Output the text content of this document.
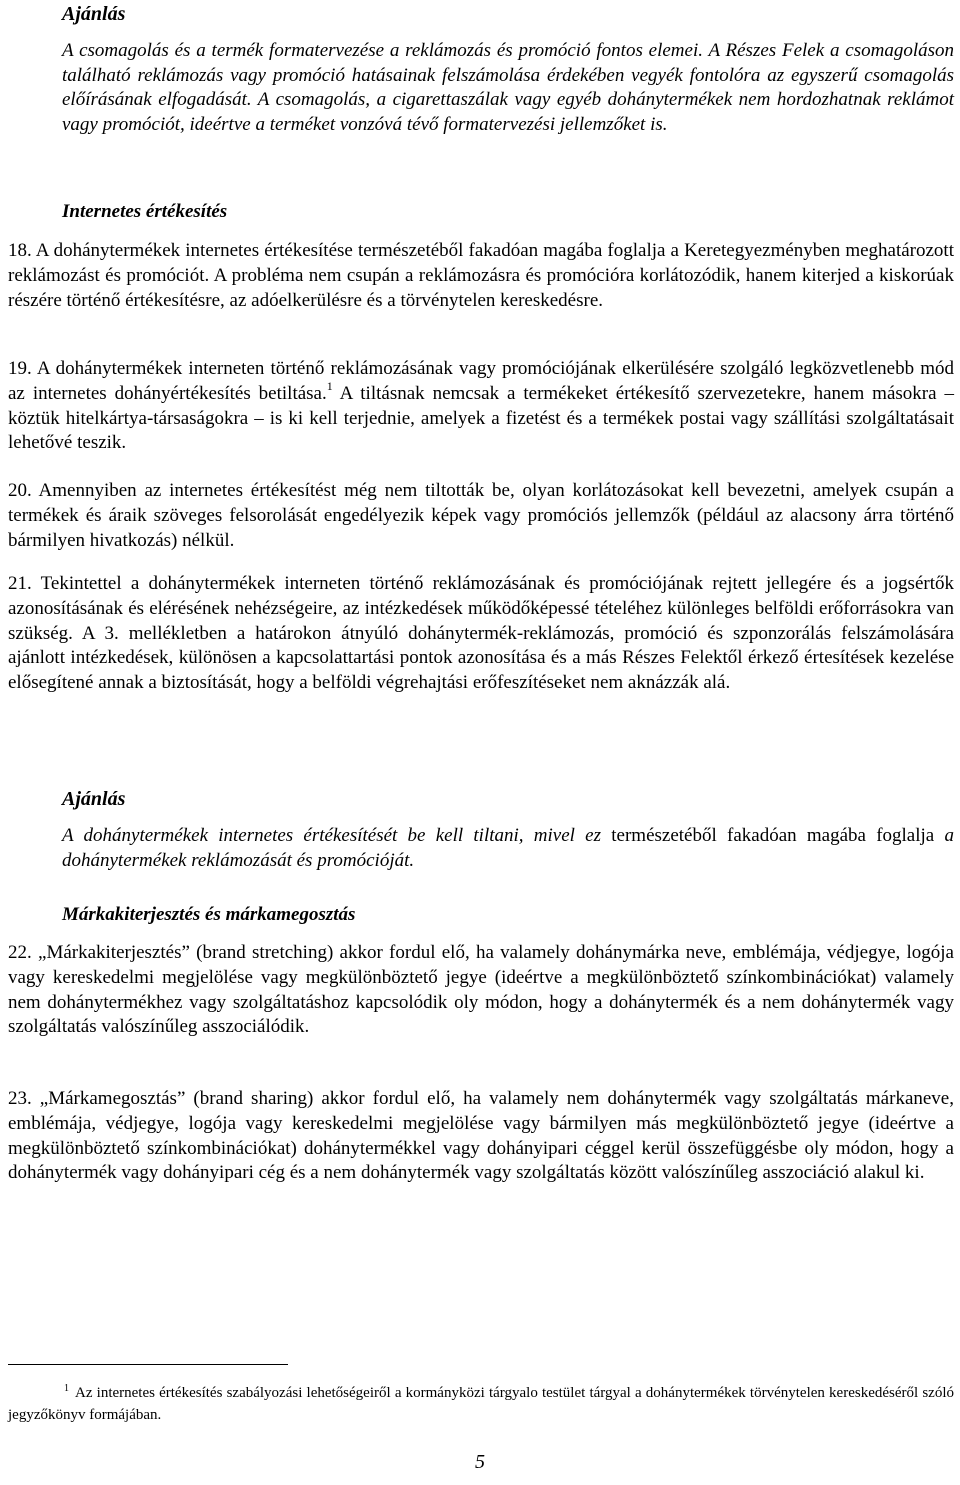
Ajánlás

A csomagolás és a termék formatervezése a reklámozás és promóció fontos elemei. A Részes Felek a csomagoláson található reklámozás vagy promóció hatásainak felszámolása érdekében vegyék fontolóra az egyszerű csomagolás előírásának elfogadását. A csomagolás, a cigarettaszálak vagy egyéb dohánytermékek nem hordozhatnak reklámot vagy promóciót, ideértve a terméket vonzóvá tévő formatervezési jellemzőket is.

Internetes értékesítés

18. A dohánytermékek internetes értékesítése természetéből fakadóan magába foglalja a Keretegyezményben meghatározott reklámozást és promóciót. A probléma nem csupán a reklámozásra és promócióra korlátozódik, hanem kiterjed a kiskorúak részére történő értékesítésre, az adóelkerülésre és a törvénytelen kereskedésre.

19. A dohánytermékek interneten történő reklámozásának vagy promóciójának elkerülésére szolgáló legközvetlenebb mód az internetes dohányértékesítés betiltása.$^1$ A tiltásnak nemcsak a termékeket értékesítő szervezetekre, hanem másokra – köztük hitelkártya-társaságokra – is ki kell terjednie, amelyek a fizetést és a termékek postai vagy szállítási szolgáltatásait lehetővé teszik.

20. Amennyiben az internetes értékesítést még nem tiltották be, olyan korlátozásokat kell bevezetni, amelyek csupán a termékek és áraik szöveges felsorolását engedélyezik képek vagy promóciós jellemzők (például az alacsony árra történő bármilyen hivatkozás) nélkül.

21. Tekintettel a dohánytermékek interneten történő reklámozásának és promóciójának rejtett jellegére és a jogsértők azonosításának és elérésének nehézségeire, az intézkedések működőképessé tételéhez különleges belföldi erőforrásokra van szükség. A 3. mellékletben a határokon átnyúló dohánytermék-reklámozás, promóció és szponzorálás felszámolására ajánlott intézkedések, különösen a kapcsolattartási pontok azonosítása és a más Részes Felektől érkező értesítések kezelése elősegítené annak a biztosítását, hogy a belföldi végrehajtási erőfeszítéseket nem aknázzák alá.

Ajánlás

A dohánytermékek internetes értékesítését be kell tiltani, mivel ez természetéből fakadóan magába foglalja a dohánytermékek reklámozását és promócióját.

Márkakiterjesztés és márkamegosztás

22. „Márkakiterjesztés” (brand stretching) akkor fordul elő, ha valamely dohánymárka neve, emblémája, védjegye, logója vagy kereskedelmi megjelölése vagy megkülönböztető jegye (ideértve a megkülönböztető színkombinációkat) valamely nem dohánytermékhez vagy szolgáltatáshoz kapcsolódik oly módon, hogy a dohánytermék és a nem dohánytermék vagy szolgáltatás valószínűleg asszociálódik.

23. „Márkamegosztás” (brand sharing) akkor fordul elő, ha valamely nem dohánytermék vagy szolgáltatás márkaneve, emblémája, védjegye, logója vagy kereskedelmi megjelölése vagy bármilyen más megkülönböztető jegye (ideértve a megkülönböztető színkombinációkat) dohánytermékkel vagy dohányipari céggel kerül összefüggésbe oly módon, hogy a dohánytermék vagy dohányipari cég és a nem dohánytermék vagy szolgáltatás között valószínűleg asszociáció alakul ki.

$^1$ Az internetes értékesítés szabályozási lehetőségeiről a kormányközi tárgyalo testület tárgyal a dohánytermékek törvénytelen kereskedéséről szóló jegyzőkönyv formájában.

5
